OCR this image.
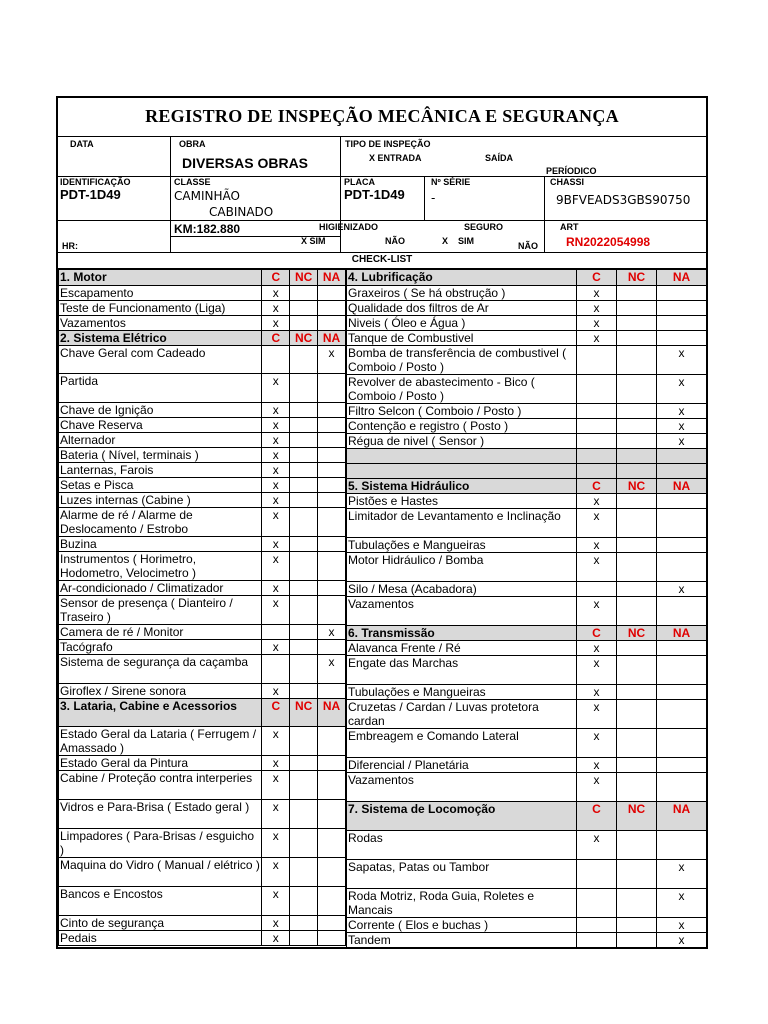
REGISTRO DE INSPEÇÃO MECÂNICA E SEGURANÇA
DATA	OBRA
DIVERSAS OBRAS
TIPO DE INSPEÇÃO
X ENTRADA	SAÍDA
PERÍODICO
IDENTIFICAÇÃO
PDT-1D49
CLASSE
CAMINHÃO
CABINADO
PLACA
PDT-1D49
Nº SÉRIE
-
CHASSI
9BFVEADS3GBS90750
KM:182.880
HR:
HIGIENIZADO
X SIM	NÃO
SEGURO
X    SIM	NÃO
ART
RN2022054998
CHECK-LIST
1. Motor	C	NC	NA
Escapamento	x		
Teste de Funcionamento (Liga)	x		
Vazamentos	x		
2. Sistema Elétrico	C	NC	NA
Chave Geral com Cadeado			x
Partida	x		
Chave de Ignição	x		
Chave Reserva	x		
Alternador	x		
Bateria ( Nível, terminais )	x		
Lanternas, Farois	x		
Setas e Pisca	x		
Luzes internas (Cabine )	x		
Alarme de ré / Alarme de Deslocamento / Estrobo	x		
Buzina	x		
Instrumentos ( Horimetro, Hodometro, Velocimetro )	x		
Ar-condicionado / Climatizador	x		
Sensor de presença ( Dianteiro / Traseiro )	x		
Camera de ré / Monitor			x
Tacógrafo	x		
Sistema de segurança da caçamba			x
Giroflex / Sirene sonora	x		
3. Lataria, Cabine e Acessorios	C	NC	NA
Estado Geral da Lataria ( Ferrugem / Amassado )	x		
Estado Geral da Pintura	x		
Cabine / Proteção contra interperies	x		
Vidros e Para-Brisa ( Estado geral )	x		
Limpadores ( Para-Brisas / esguicho )	x		
Maquina do Vidro ( Manual / elétrico )	x		
Bancos e Encostos	x		
Cinto de segurança	x		
Pedais	x		
4. Lubrificação	C	NC	NA
Graxeiros ( Se há obstrução )	x		
Qualidade dos filtros de Ar	x		
Niveis ( Óleo e Água )	x		
Tanque de Combustivel	x		
Bomba de transferência de combustivel ( Comboio / Posto )			x
Revolver de abastecimento - Bico ( Comboio / Posto )			x
Filtro Selcon ( Comboio / Posto )			x
Contenção e registro ( Posto )			x
Régua de nivel ( Sensor )			x

5. Sistema Hidráulico	C	NC	NA
Pistões e Hastes	x		
Limitador de Levantamento e Inclinação	x		
Tubulações e Mangueiras	x		
Motor Hidráulico / Bomba	x		
Silo / Mesa (Acabadora)			x
Vazamentos	x		
6. Transmissão	C	NC	NA
Alavanca Frente / Ré	x		
Engate das Marchas	x		
Tubulações e Mangueiras	x		
Cruzetas / Cardan / Luvas protetora cardan	x		
Embreagem e Comando Lateral	x		
Diferencial / Planetária	x		
Vazamentos	x		
7. Sistema de Locomoção	C	NC	NA
Rodas	x		
Sapatas, Patas ou Tambor			x
Roda Motriz, Roda Guia, Roletes e Mancais			x
Corrente ( Elos e buchas )			x
Tandem			x
